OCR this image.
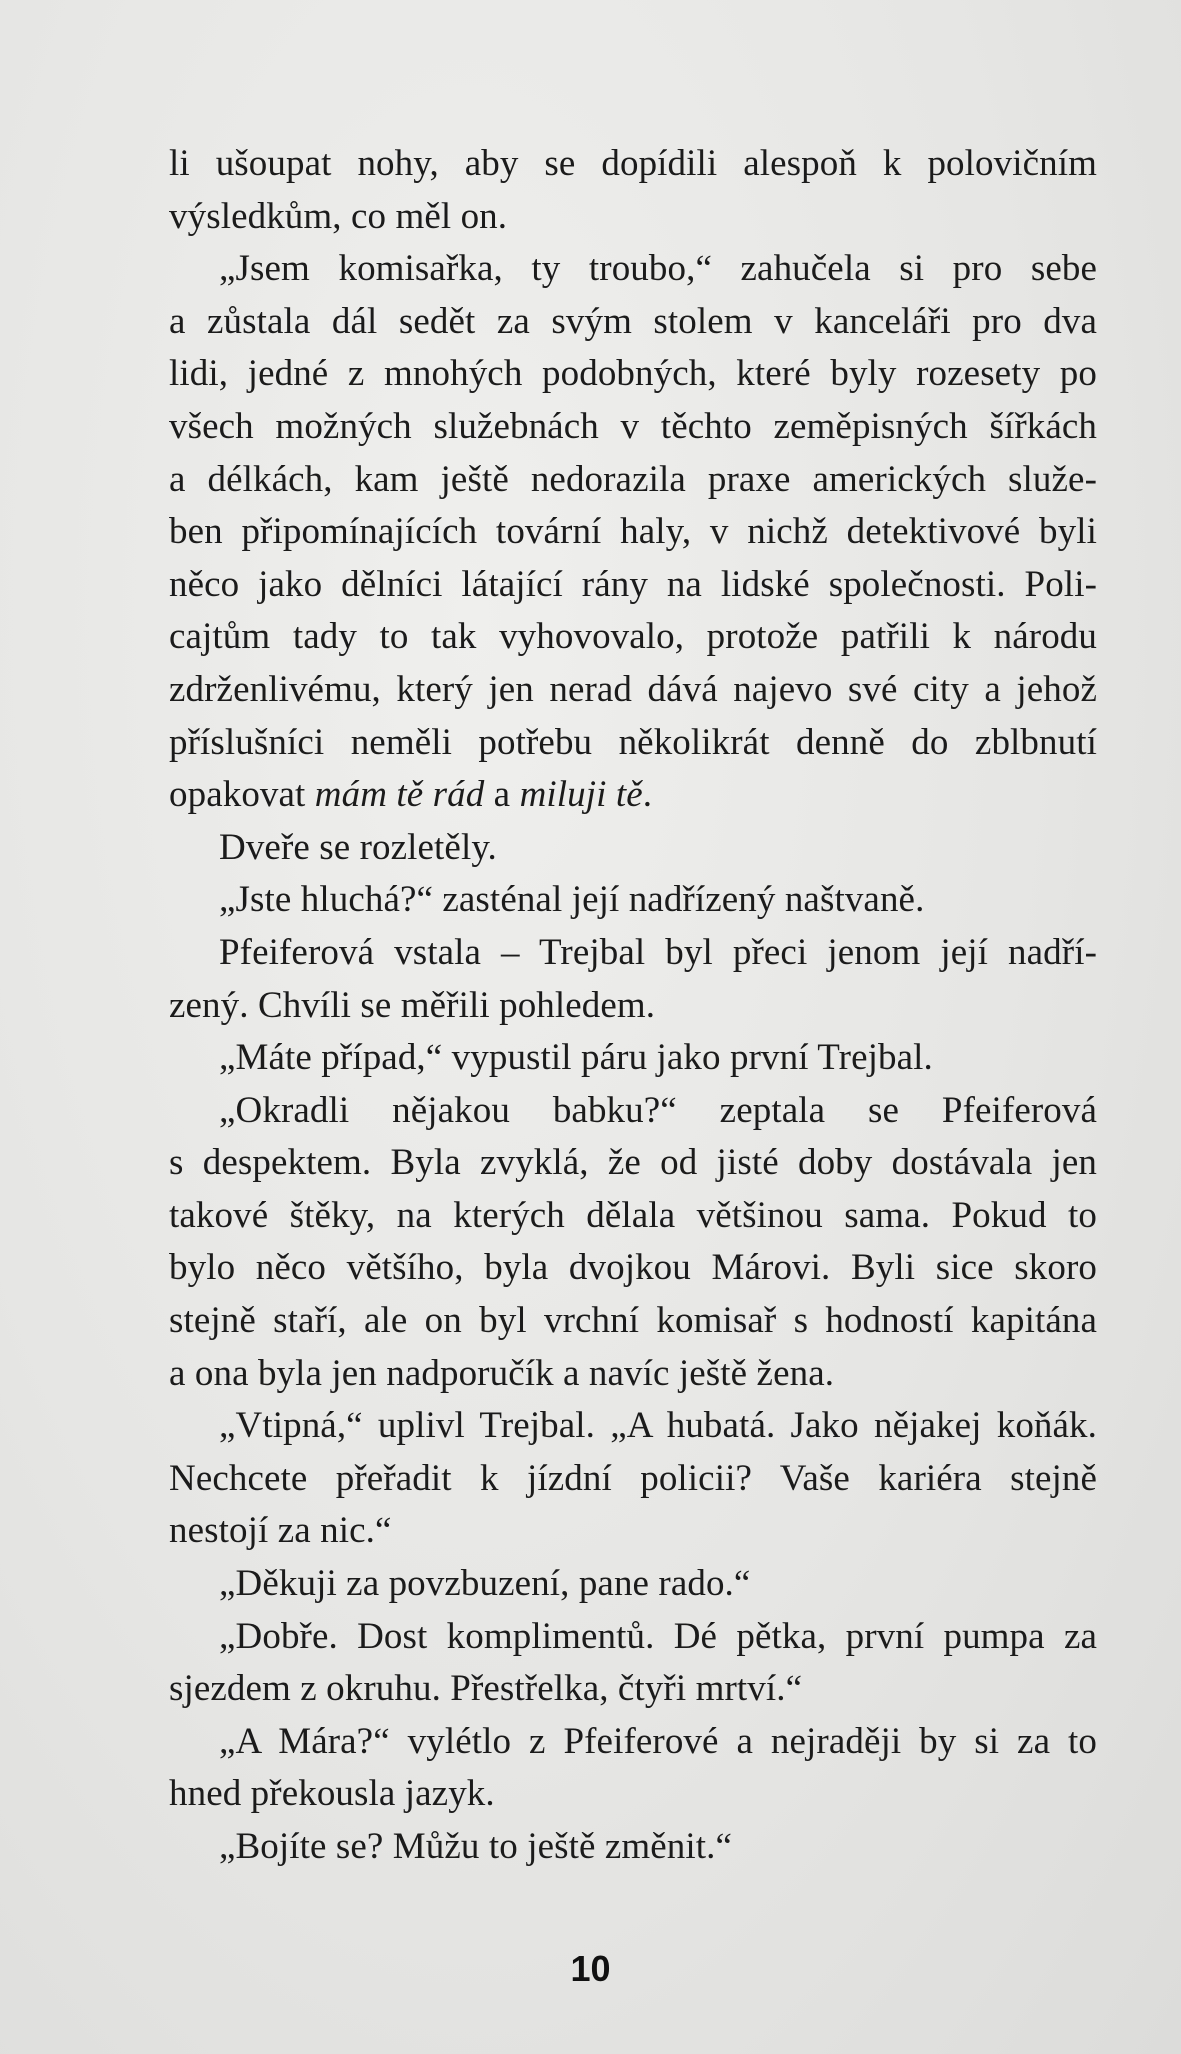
li ušoupat nohy, aby se dopídili alespoň k polovičním
výsledkům, co měl on.
„Jsem komisařka, ty troubo,“ zahučela si pro sebe
a zůstala dál sedět za svým stolem v kanceláři pro dva
lidi, jedné z mnohých podobných, které byly rozesety po
všech možných služebnách v těchto zeměpisných šířkách
a délkách, kam ještě nedorazila praxe amerických služe-
ben připomínajících tovární haly, v nichž detektivové byli
něco jako dělníci látající rány na lidské společnosti. Poli-
cajtům tady to tak vyhovovalo, protože patřili k národu
zdrženlivému, který jen nerad dává najevo své city a jehož
příslušníci neměli potřebu několikrát denně do zblbnutí
opakovat mám tě rád a miluji tě.
Dveře se rozletěly.
„Jste hluchá?“ zasténal její nadřízený naštvaně.
Pfeiferová vstala – Trejbal byl přeci jenom její nadří-
zený. Chvíli se měřili pohledem.
„Máte případ,“ vypustil páru jako první Trejbal.
„Okradli nějakou babku?“ zeptala se Pfeiferová
s despektem. Byla zvyklá, že od jisté doby dostávala jen
takové štěky, na kterých dělala většinou sama. Pokud to
bylo něco většího, byla dvojkou Márovi. Byli sice skoro
stejně staří, ale on byl vrchní komisař s hodností kapitána
a ona byla jen nadporučík a navíc ještě žena.
„Vtipná,“ uplivl Trejbal. „A hubatá. Jako nějakej koňák.
Nechcete přeřadit k jízdní policii? Vaše kariéra stejně
nestojí za nic.“
„Děkuji za povzbuzení, pane rado.“
„Dobře. Dost komplimentů. Dé pětka, první pumpa za
sjezdem z okruhu. Přestřelka, čtyři mrtví.“
„A Mára?“ vylétlo z Pfeiferové a nejraději by si za to
hned překousla jazyk.
„Bojíte se? Můžu to ještě změnit.“
10
